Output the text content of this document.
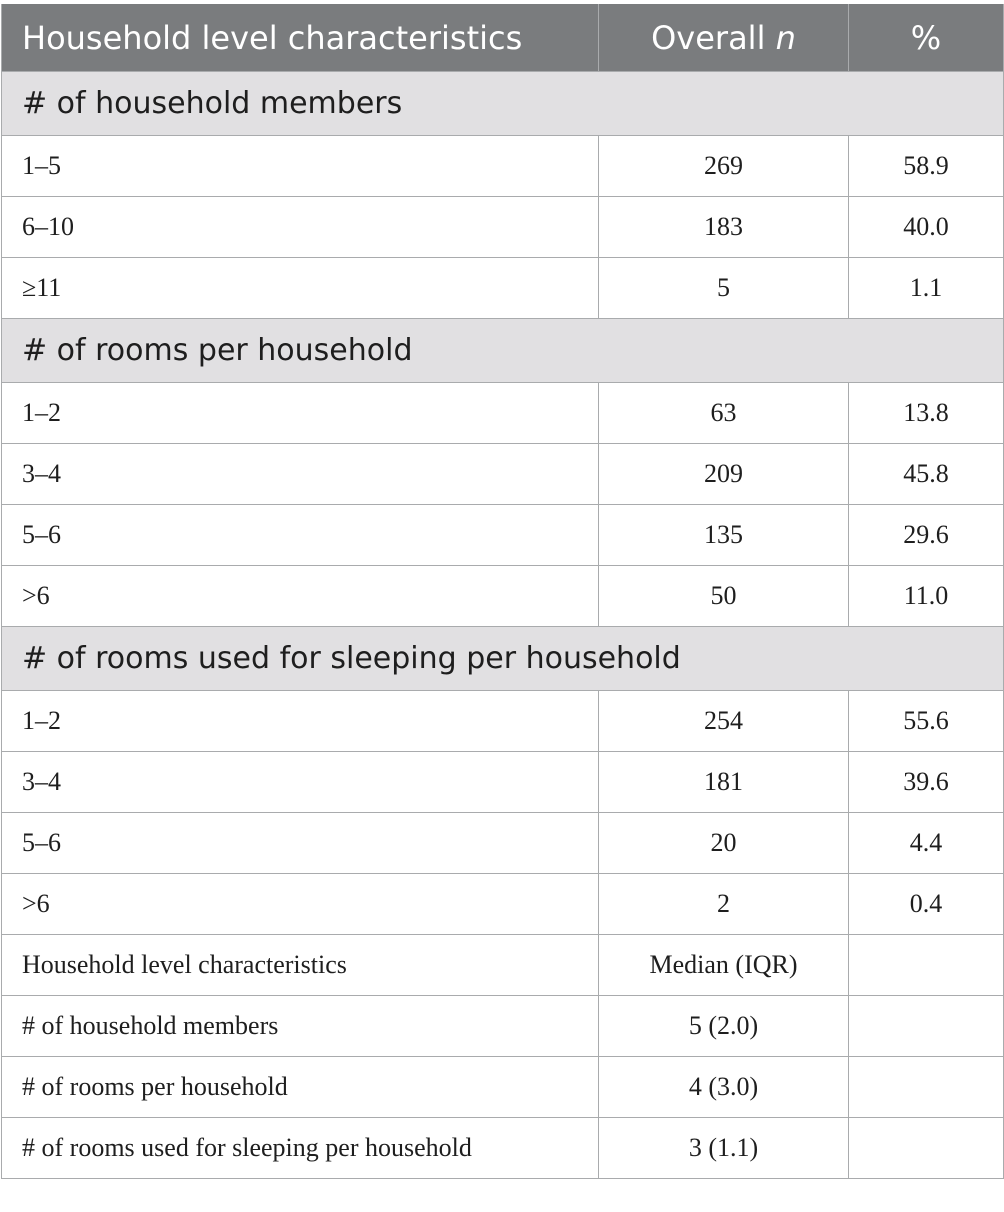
Household level characteristics	Overall n	%
# of household members		
1–5	269	58.9
6–10	183	40.0
≥11	5	1.1
# of rooms per household		
1–2	63	13.8
3–4	209	45.8
5–6	135	29.6
>6	50	11.0
# of rooms used for sleeping per household		
1–2	254	55.6
3–4	181	39.6
5–6	20	4.4
>6	2	0.4
Household level characteristics	Median (IQR)	
# of household members	5 (2.0)	
# of rooms per household	4 (3.0)	
# of rooms used for sleeping per household	3 (1.1)	
